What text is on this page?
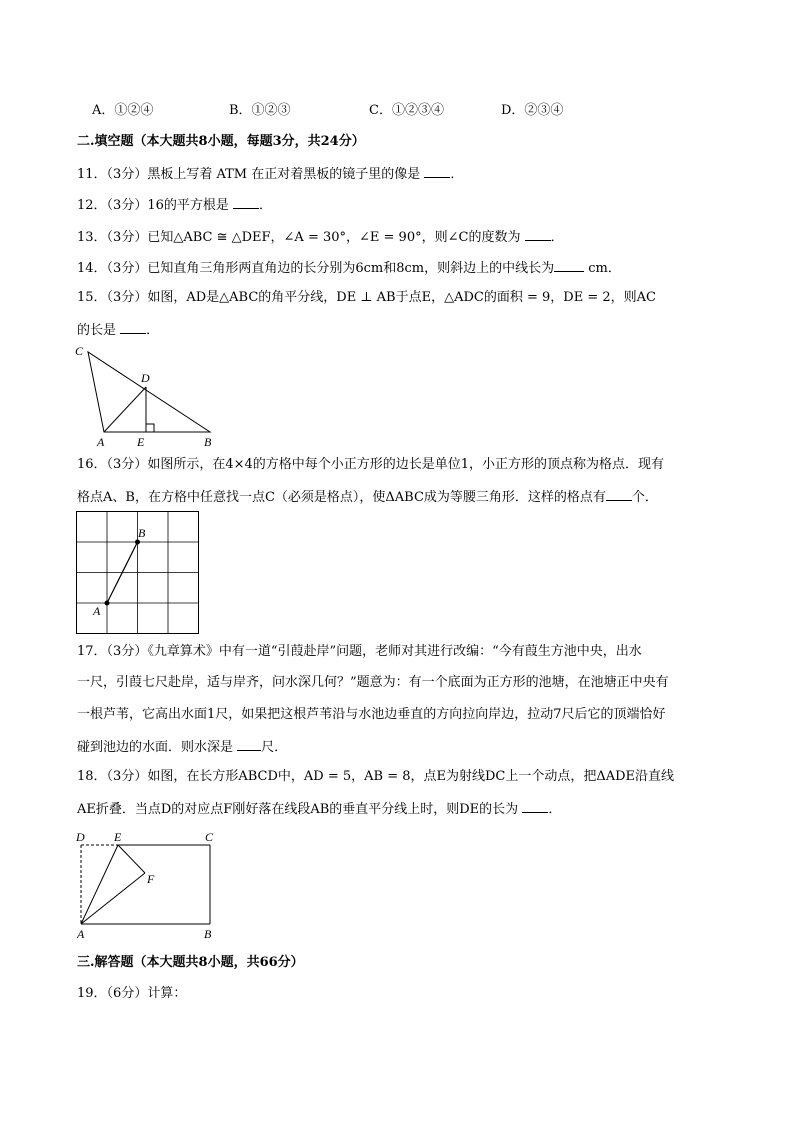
A．①②④	B．①②③	C．①②③④	D．②③④
二.填空题（本大题共8小题，每题3分，共24分）
11．（3分）黑板上写着 ATM 在正对着黑板的镜子里的像是 ．
12．（3分）16的平方根是 ．
13．（3分）已知△ABC ≅ △DEF，∠A = 30°，∠E = 90°，则∠C的度数为 ．
14．（3分）已知直角三角形两直角边的长分别为6cm和8cm，则斜边上的中线长为	cm．
15．（3分）如图，AD是△ABC的角平分线，DE ⊥ AB于点E，△ADC的面积 = 9，DE = 2，则AC
的长是 ．
C
D
A	E	B
16．（3分）如图所示，在4×4的方格中每个小正方形的边长是单位1，小正方形的顶点称为格点．现有
格点A、B，在方格中任意找一点C（必须是格点），使ΔABC成为等腰三角形．这样的格点有 个．
B
A
17．（3分）《九章算术》中有一道“引葭赴岸”问题，老师对其进行改编：“今有葭生方池中央，出水
一尺，引葭七尺赴岸，适与岸齐，问水深几何？”题意为：有一个底面为正方形的池塘，在池塘正中央有
一根芦苇，它高出水面1尺，如果把这根芦苇沿与水池边垂直的方向拉向岸边，拉动7尺后它的顶端恰好
碰到池边的水面．则水深是 尺．
18．（3分）如图，在长方形ABCD中，AD = 5，AB = 8，点E为射线DC上一个动点，把ΔADE沿直线
AE折叠．当点D的对应点F刚好落在线段AB的垂直平分线上时，则DE的长为 ．
D E	C
F
A	B
三.解答题（本大题共8小题，共66分）
19．（6分）计算：
